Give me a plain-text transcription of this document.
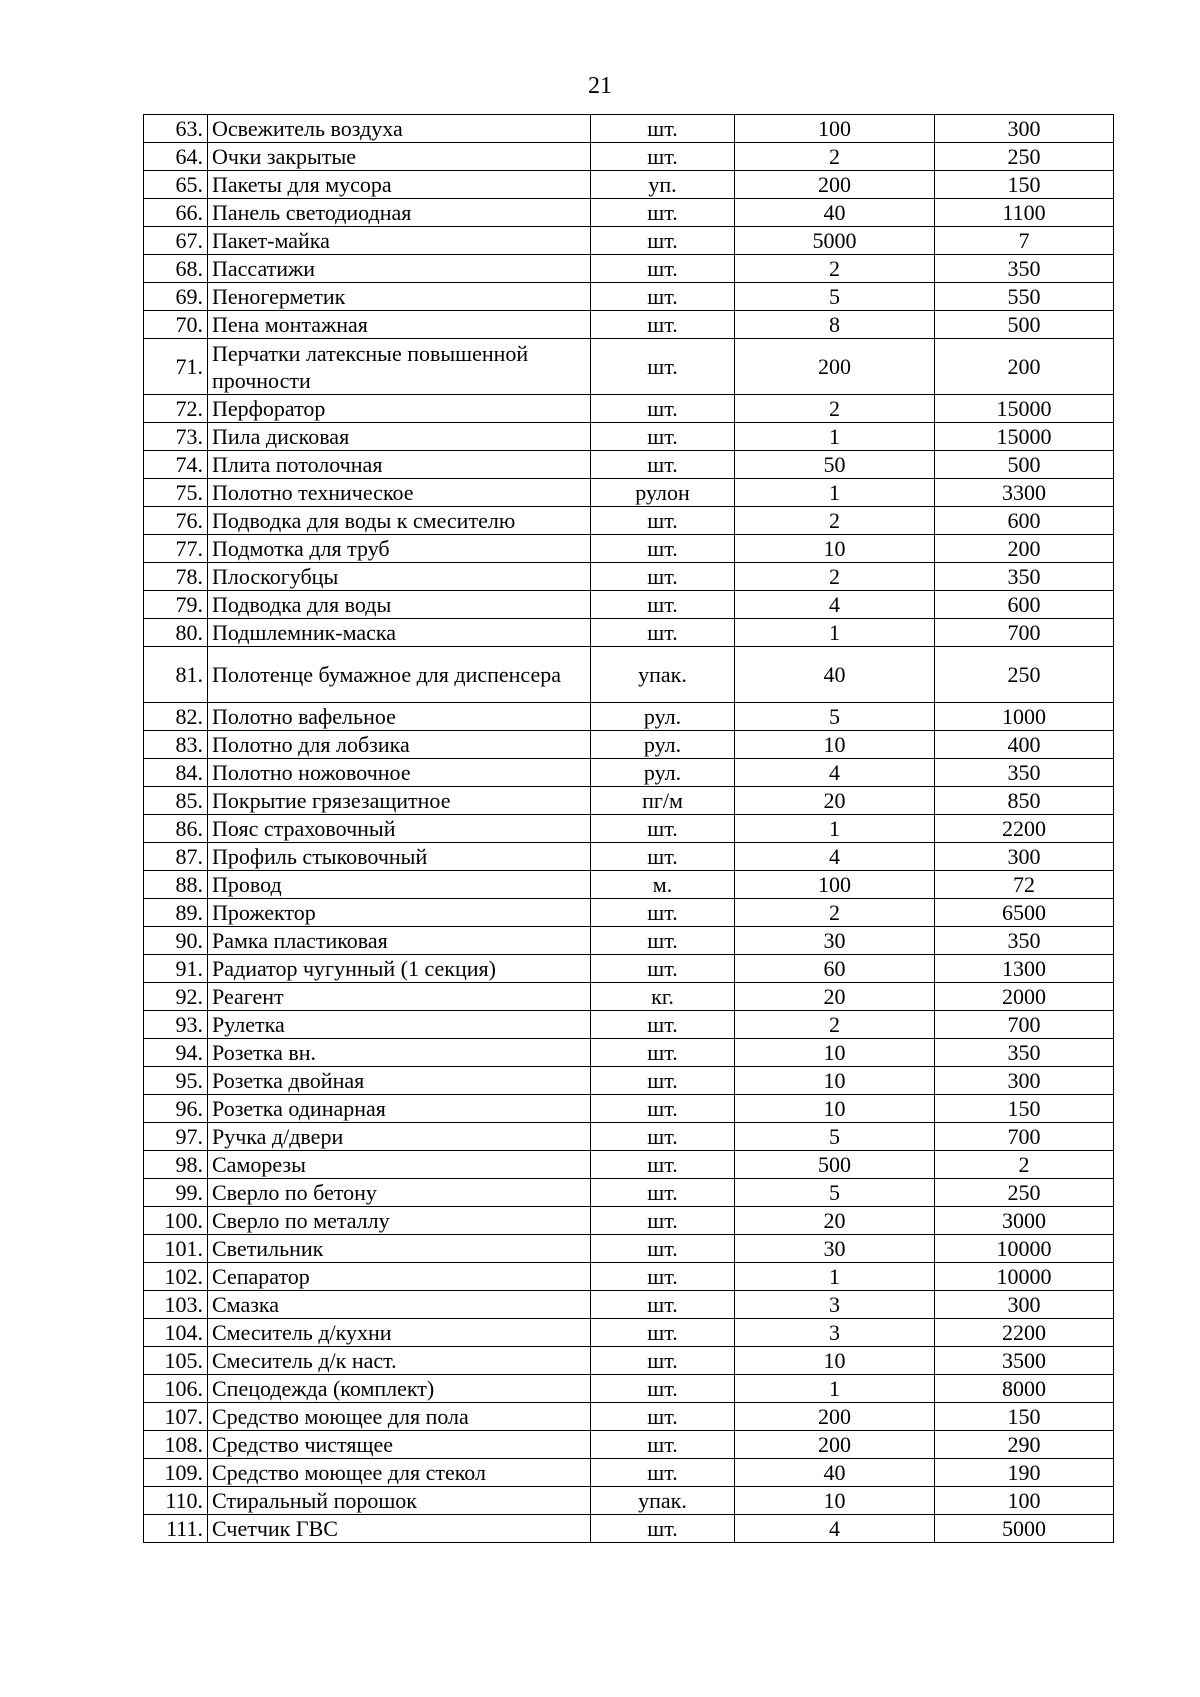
21
63.	Освежитель воздуха	шт.	100	300
64.	Очки закрытые	шт.	2	250
65.	Пакеты для мусора	уп.	200	150
66.	Панель светодиодная	шт.	40	1100
67.	Пакет-майка	шт.	5000	7
68.	Пассатижи	шт.	2	350
69.	Пеногерметик	шт.	5	550
70.	Пена монтажная	шт.	8	500
71.	Перчатки латексные повышенной прочности	шт.	200	200
72.	Перфоратор	шт.	2	15000
73.	Пила дисковая	шт.	1	15000
74.	Плита потолочная	шт.	50	500
75.	Полотно техническое	рулон	1	3300
76.	Подводка для воды к смесителю	шт.	2	600
77.	Подмотка для труб	шт.	10	200
78.	Плоскогубцы	шт.	2	350
79.	Подводка для воды	шт.	4	600
80.	Подшлемник-маска	шт.	1	700
81.	Полотенце бумажное для диспенсера	упак.	40	250
82.	Полотно вафельное	рул.	5	1000
83.	Полотно для лобзика	рул.	10	400
84.	Полотно ножовочное	рул.	4	350
85.	Покрытие грязезащитное	пг/м	20	850
86.	Пояс страховочный	шт.	1	2200
87.	Профиль стыковочный	шт.	4	300
88.	Провод	м.	100	72
89.	Прожектор	шт.	2	6500
90.	Рамка пластиковая	шт.	30	350
91.	Радиатор чугунный (1 секция)	шт.	60	1300
92.	Реагент	кг.	20	2000
93.	Рулетка	шт.	2	700
94.	Розетка вн.	шт.	10	350
95.	Розетка двойная	шт.	10	300
96.	Розетка одинарная	шт.	10	150
97.	Ручка д/двери	шт.	5	700
98.	Саморезы	шт.	500	2
99.	Сверло по бетону	шт.	5	250
100.	Сверло по металлу	шт.	20	3000
101.	Светильник	шт.	30	10000
102.	Сепаратор	шт.	1	10000
103.	Смазка	шт.	3	300
104.	Смеситель д/кухни	шт.	3	2200
105.	Смеситель д/к наст.	шт.	10	3500
106.	Спецодежда (комплект)	шт.	1	8000
107.	Средство моющее для пола	шт.	200	150
108.	Средство чистящее	шт.	200	290
109.	Средство моющее для стекол	шт.	40	190
110.	Стиральный порошок	упак.	10	100
111.	Счетчик ГВС	шт.	4	5000
